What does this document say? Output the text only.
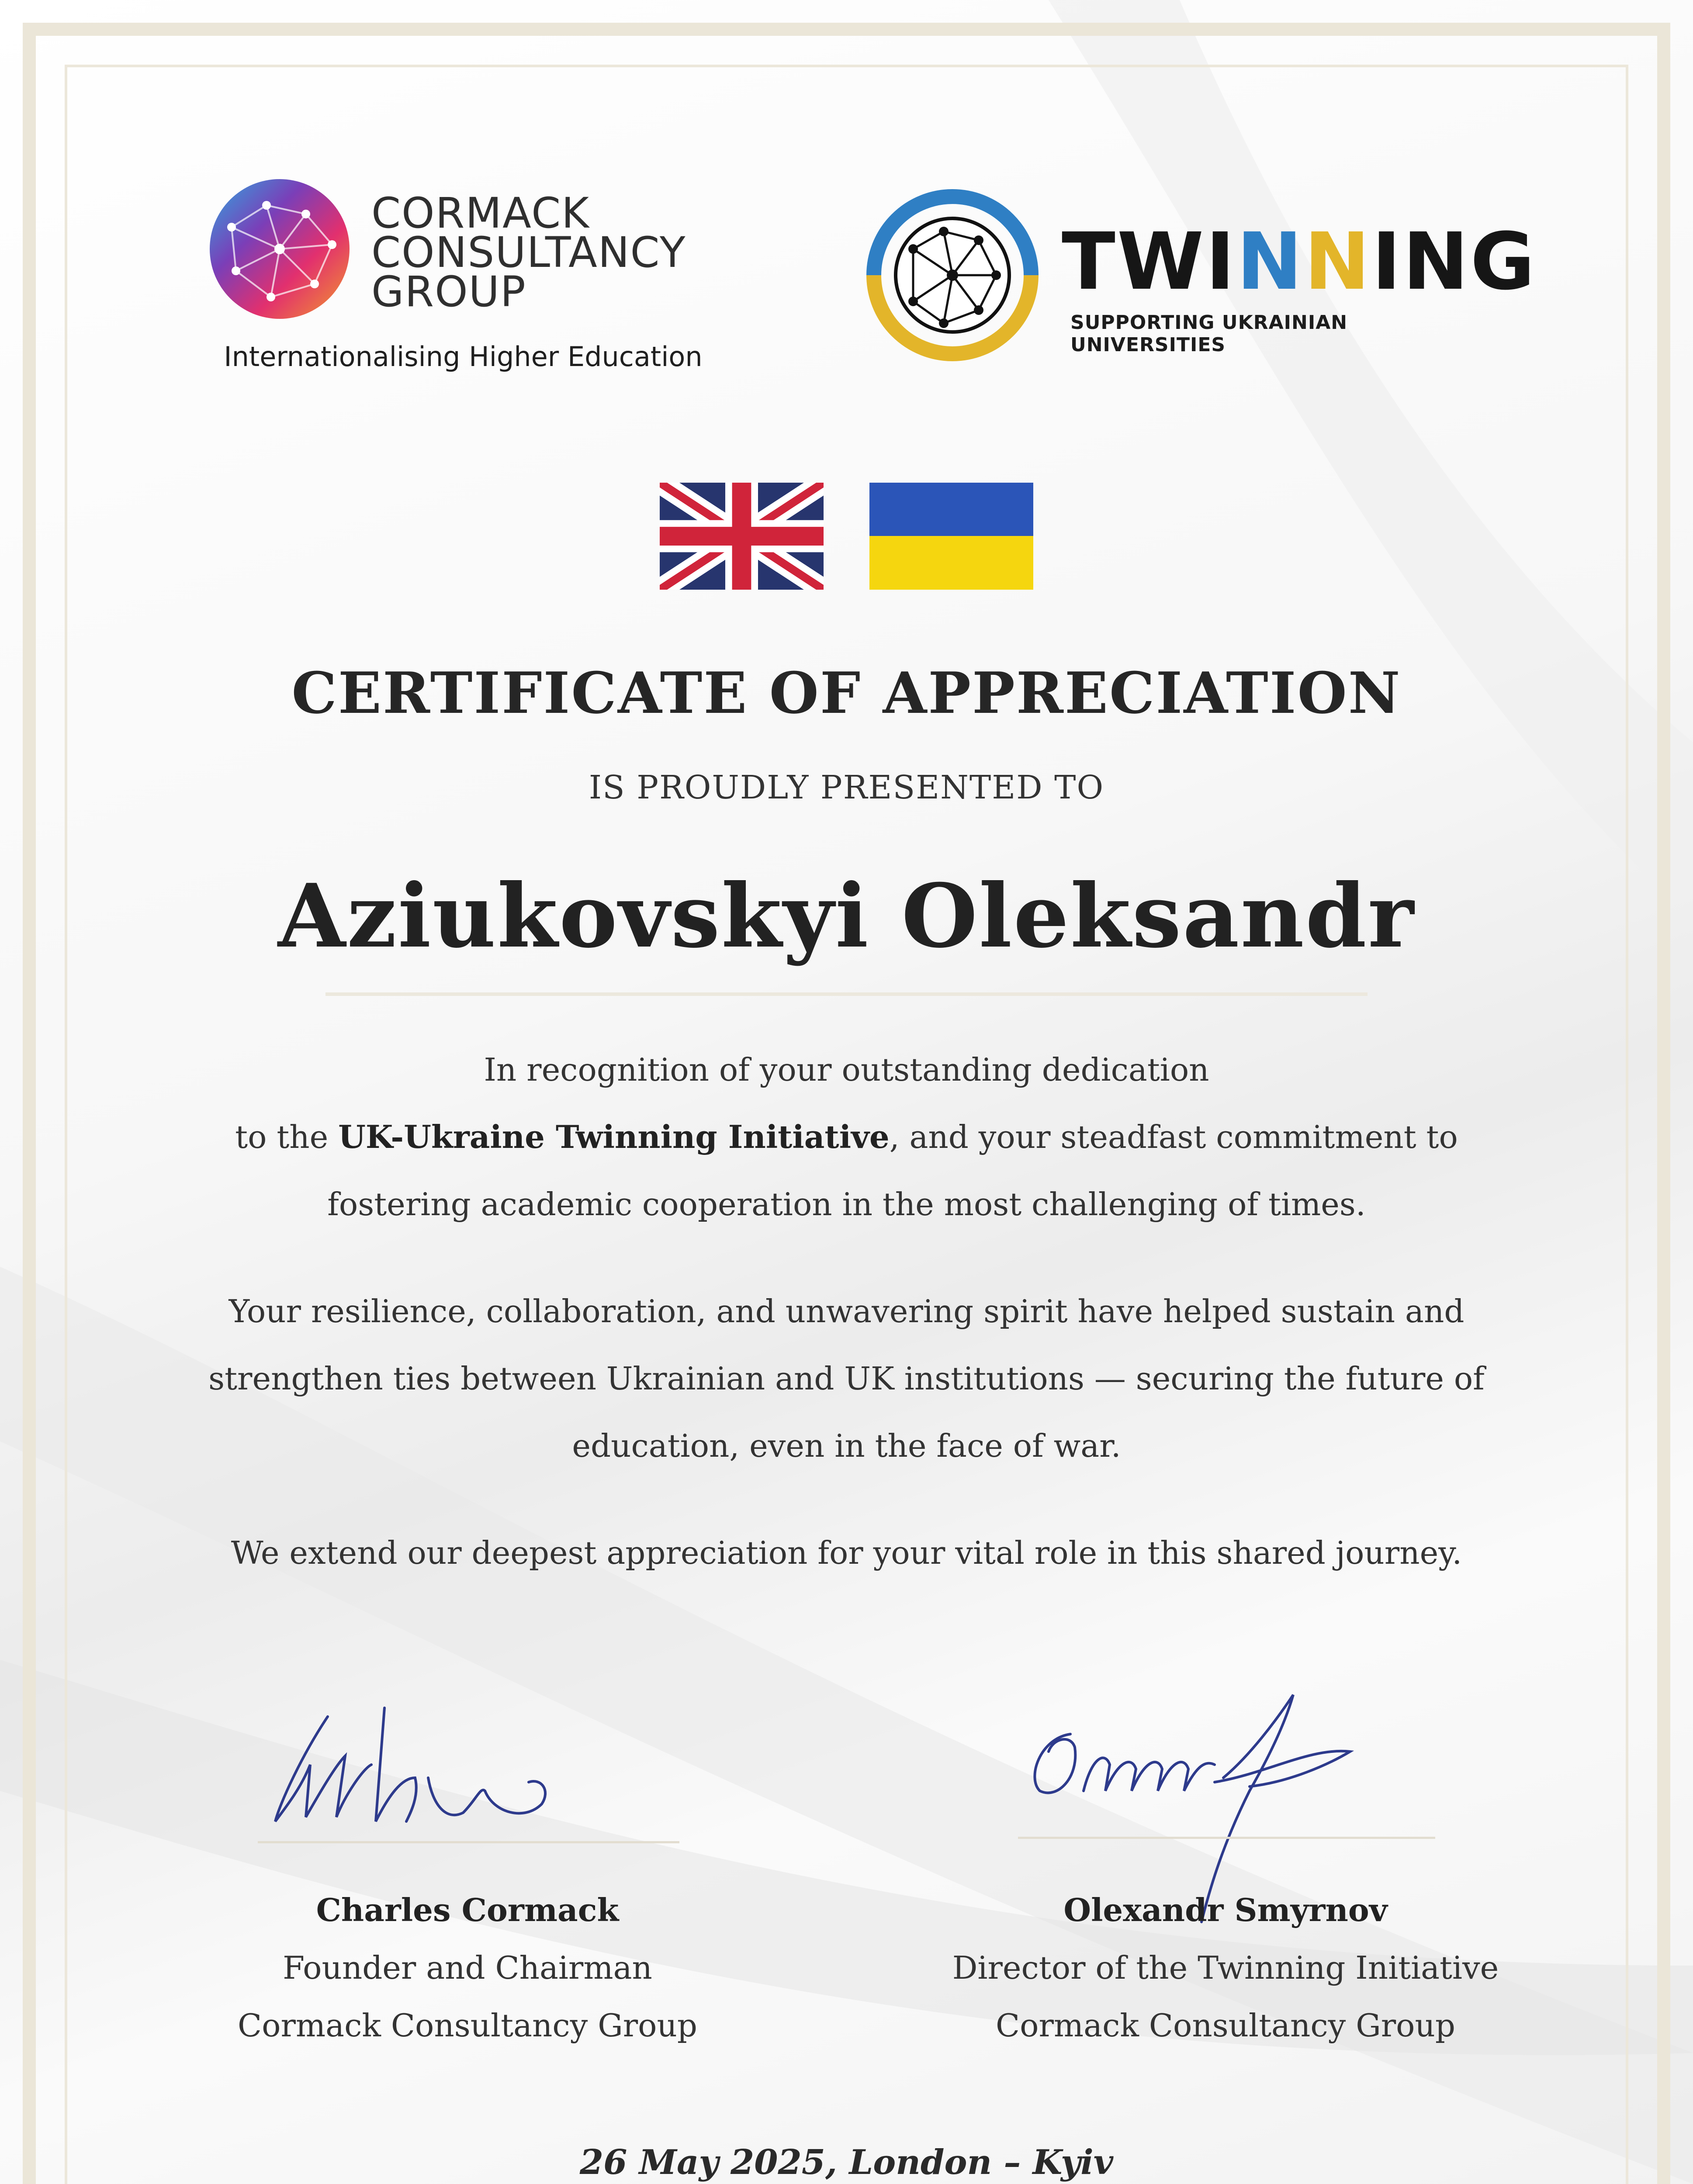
CORMACK
CONSULTANCY
GROUP
Internationalising Higher Education
TWINNING
SUPPORTING UKRAINIAN UNIVERSITIES
CERTIFICATE OF APPRECIATION
IS PROUDLY PRESENTED TO
Aziukovskyi Oleksandr
In recognition of your outstanding dedication
to the UK-Ukraine Twinning Initiative, and your steadfast commitment to
fostering academic cooperation in the most challenging of times.
Your resilience, collaboration, and unwavering spirit have helped sustain and
strengthen ties between Ukrainian and UK institutions — securing the future of
education, even in the face of war.
We extend our deepest appreciation for your vital role in this shared journey.
Charles Cormack
Founder and Chairman
Cormack Consultancy Group
Olexandr Smyrnov
Director of the Twinning Initiative
Cormack Consultancy Group
26 May 2025, London – Kyiv
